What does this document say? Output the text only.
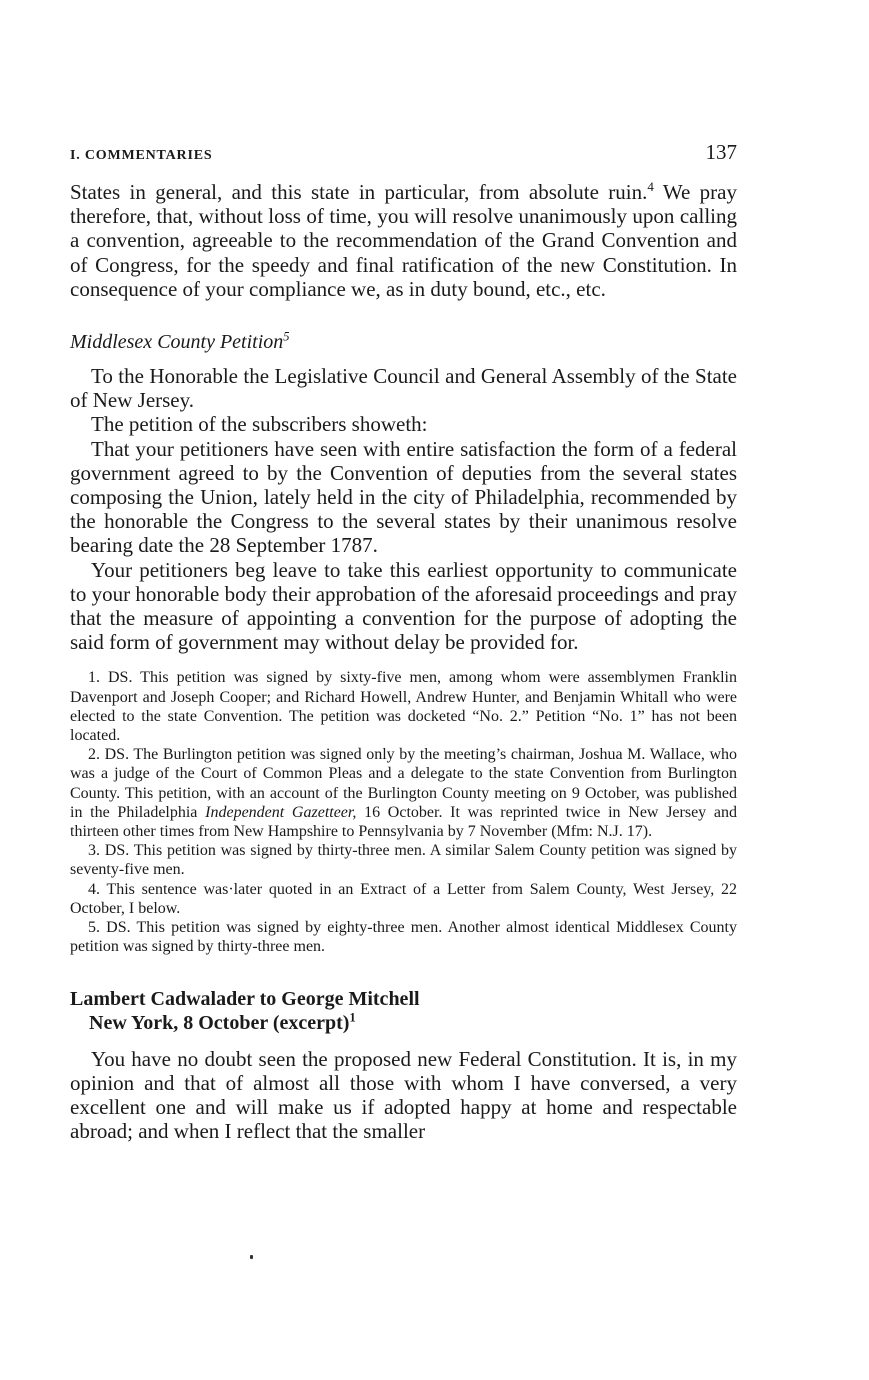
I. COMMENTARIES	137

States in general, and this state in particular, from absolute ruin.$^4$ We pray therefore, that, without loss of time, you will resolve unanimously upon calling a convention, agreeable to the recommendation of the Grand Convention and of Congress, for the speedy and final ratification of the new Constitution. In consequence of your compliance we, as in duty bound, etc., etc.

Middlesex County Petition$^5$

To the Honorable the Legislative Council and General Assembly of the State of New Jersey.

The petition of the subscribers showeth:

That your petitioners have seen with entire satisfaction the form of a federal government agreed to by the Convention of deputies from the several states composing the Union, lately held in the city of Philadelphia, recommended by the honorable the Congress to the several states by their unanimous resolve bearing date the 28 September 1787.

Your petitioners beg leave to take this earliest opportunity to communicate to your honorable body their approbation of the aforesaid proceedings and pray that the measure of appointing a convention for the purpose of adopting the said form of government may without delay be provided for.

1. DS. This petition was signed by sixty-five men, among whom were assemblymen Franklin Davenport and Joseph Cooper; and Richard Howell, Andrew Hunter, and Benjamin Whitall who were elected to the state Convention. The petition was docketed “No. 2.” Petition “No. 1” has not been located.

2. DS. The Burlington petition was signed only by the meeting’s chairman, Joshua M. Wallace, who was a judge of the Court of Common Pleas and a delegate to the state Convention from Burlington County. This petition, with an account of the Burlington County meeting on 9 October, was published in the Philadelphia Independent Gazetteer, 16 October. It was reprinted twice in New Jersey and thirteen other times from New Hampshire to Pennsylvania by 7 November (Mfm: N.J. 17).

3. DS. This petition was signed by thirty-three men. A similar Salem County petition was signed by seventy-five men.

4. This sentence was·later quoted in an Extract of a Letter from Salem County, West Jersey, 22 October, I below.

5. DS. This petition was signed by eighty-three men. Another almost identical Middlesex County petition was signed by thirty-three men.

Lambert Cadwalader to George Mitchell
New York, 8 October (excerpt)$^1$

You have no doubt seen the proposed new Federal Constitution. It is, in my opinion and that of almost all those with whom I have conversed, a very excellent one and will make us if adopted happy at home and respectable abroad; and when I reflect that the smaller
